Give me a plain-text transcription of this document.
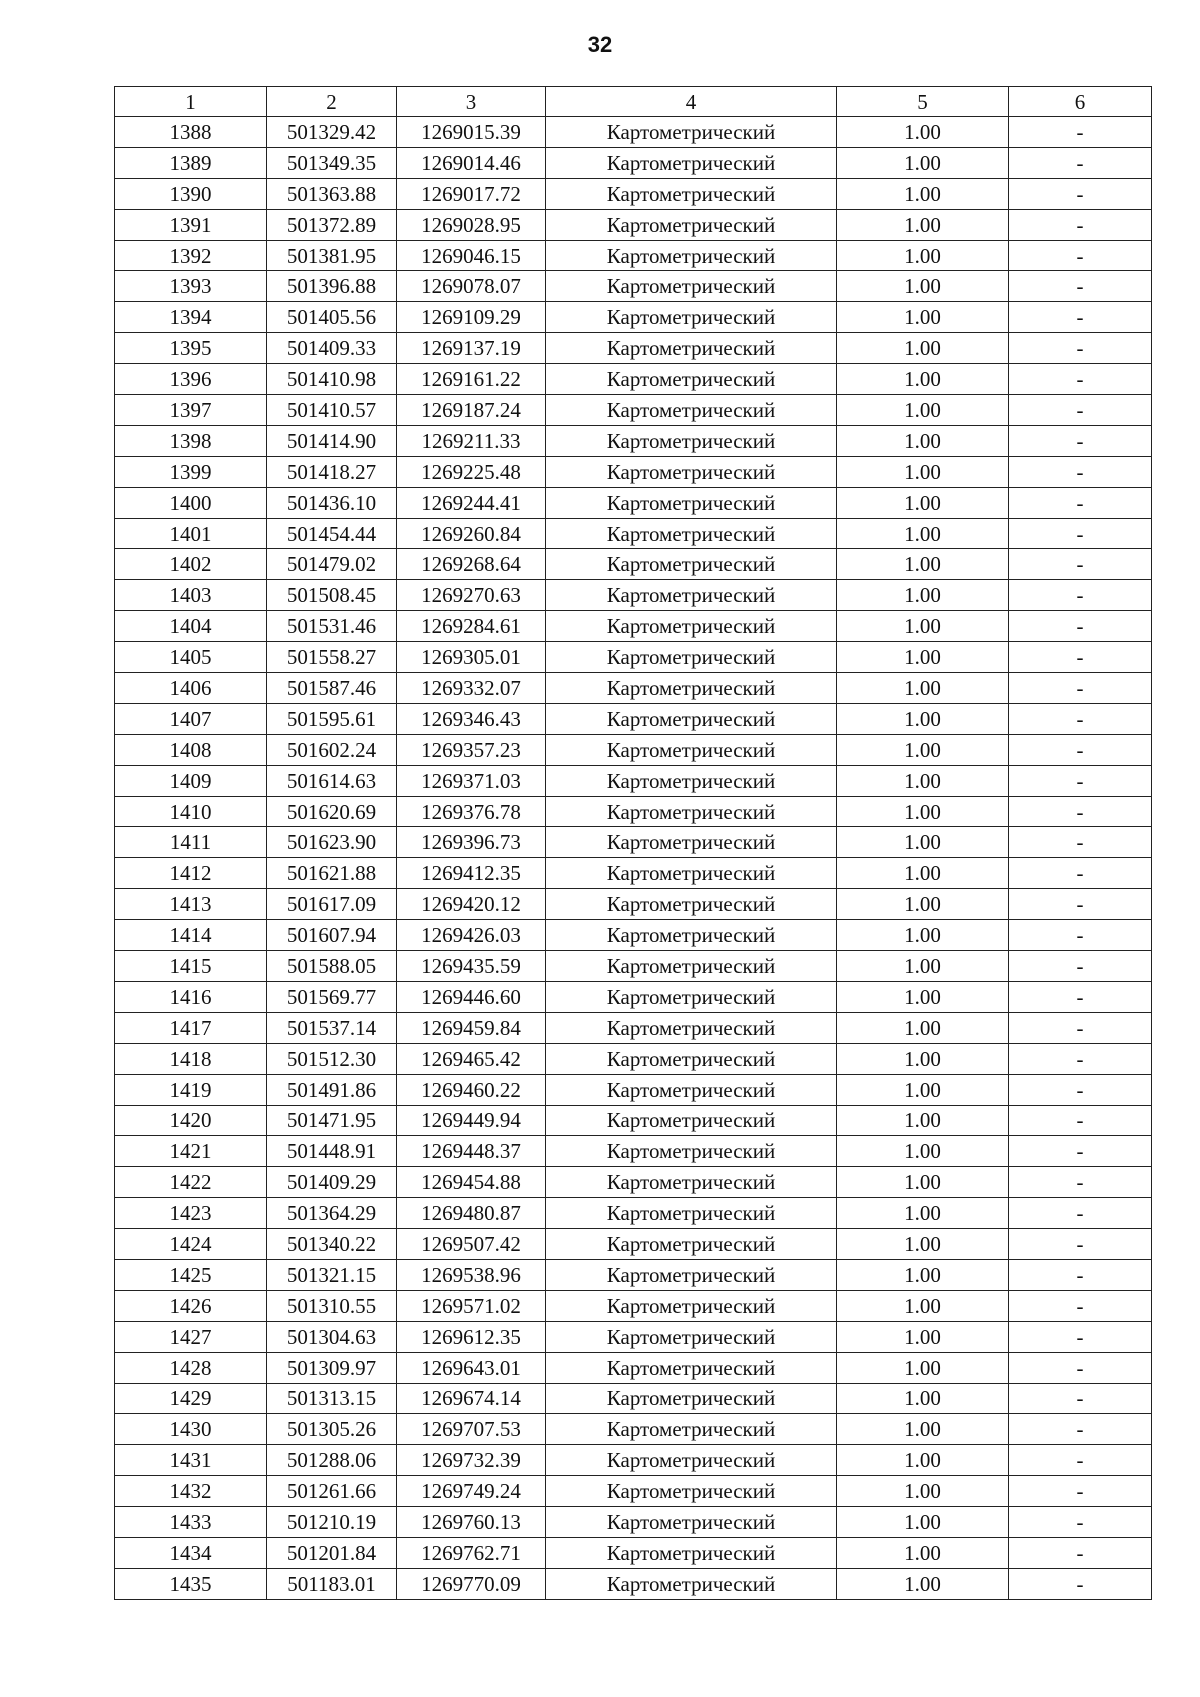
32
1	2	3	4	5	6
1388	501329.42	1269015.39	Картометрический	1.00	-
1389	501349.35	1269014.46	Картометрический	1.00	-
1390	501363.88	1269017.72	Картометрический	1.00	-
1391	501372.89	1269028.95	Картометрический	1.00	-
1392	501381.95	1269046.15	Картометрический	1.00	-
1393	501396.88	1269078.07	Картометрический	1.00	-
1394	501405.56	1269109.29	Картометрический	1.00	-
1395	501409.33	1269137.19	Картометрический	1.00	-
1396	501410.98	1269161.22	Картометрический	1.00	-
1397	501410.57	1269187.24	Картометрический	1.00	-
1398	501414.90	1269211.33	Картометрический	1.00	-
1399	501418.27	1269225.48	Картометрический	1.00	-
1400	501436.10	1269244.41	Картометрический	1.00	-
1401	501454.44	1269260.84	Картометрический	1.00	-
1402	501479.02	1269268.64	Картометрический	1.00	-
1403	501508.45	1269270.63	Картометрический	1.00	-
1404	501531.46	1269284.61	Картометрический	1.00	-
1405	501558.27	1269305.01	Картометрический	1.00	-
1406	501587.46	1269332.07	Картометрический	1.00	-
1407	501595.61	1269346.43	Картометрический	1.00	-
1408	501602.24	1269357.23	Картометрический	1.00	-
1409	501614.63	1269371.03	Картометрический	1.00	-
1410	501620.69	1269376.78	Картометрический	1.00	-
1411	501623.90	1269396.73	Картометрический	1.00	-
1412	501621.88	1269412.35	Картометрический	1.00	-
1413	501617.09	1269420.12	Картометрический	1.00	-
1414	501607.94	1269426.03	Картометрический	1.00	-
1415	501588.05	1269435.59	Картометрический	1.00	-
1416	501569.77	1269446.60	Картометрический	1.00	-
1417	501537.14	1269459.84	Картометрический	1.00	-
1418	501512.30	1269465.42	Картометрический	1.00	-
1419	501491.86	1269460.22	Картометрический	1.00	-
1420	501471.95	1269449.94	Картометрический	1.00	-
1421	501448.91	1269448.37	Картометрический	1.00	-
1422	501409.29	1269454.88	Картометрический	1.00	-
1423	501364.29	1269480.87	Картометрический	1.00	-
1424	501340.22	1269507.42	Картометрический	1.00	-
1425	501321.15	1269538.96	Картометрический	1.00	-
1426	501310.55	1269571.02	Картометрический	1.00	-
1427	501304.63	1269612.35	Картометрический	1.00	-
1428	501309.97	1269643.01	Картометрический	1.00	-
1429	501313.15	1269674.14	Картометрический	1.00	-
1430	501305.26	1269707.53	Картометрический	1.00	-
1431	501288.06	1269732.39	Картометрический	1.00	-
1432	501261.66	1269749.24	Картометрический	1.00	-
1433	501210.19	1269760.13	Картометрический	1.00	-
1434	501201.84	1269762.71	Картометрический	1.00	-
1435	501183.01	1269770.09	Картометрический	1.00	-
